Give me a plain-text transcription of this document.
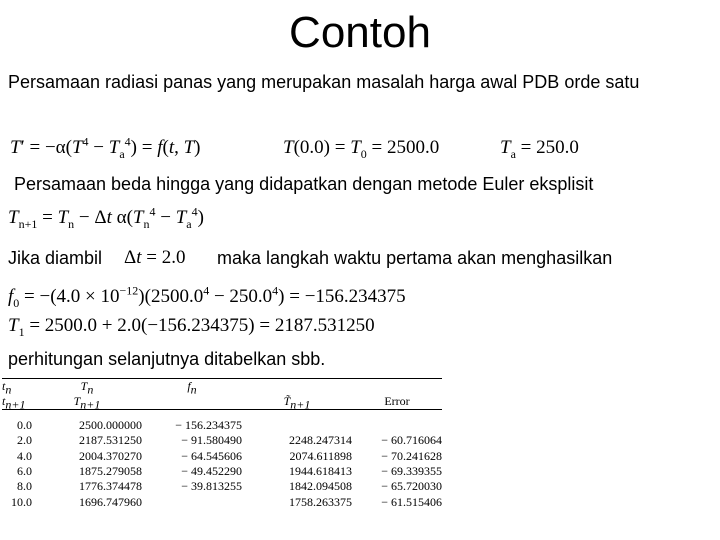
Contoh
Persamaan radiasi panas yang merupakan masalah harga awal PDB orde satu
$T' = -\alpha(T^4 - T_a^4) = f(t$, T)	$T(0.0) = T_0 = 2500.0$	$T_a = 250.0$
Persamaan beda hingga yang didapatkan dengan metode Euler eksplisit
$T_{n+1} = T_n - \Delta t$ $\alpha(T_n^4 - T_a^4)$
Jika diambil Δt = 2.0 maka langkah waktu pertama akan menghasilkan
$f_0 = -(4.0 \times 10^{-12})(2500.0^4 - 250.0^4) = -156.234375$
$T_1 = 2500.0 + 2.0(-156.234375) = 2187.531250$
perhitungan selanjutnya ditabelkan sbb.
$t_n$	$T_n$	$f_n$		
$t_{n+1}$	$T_{n+1}$		$T̃_{n+1}$	Error

0.0	2500.000000	− 156.234375		
2.0	2187.531250	− 91.580490	2248.247314	− 60.716064
4.0	2004.370270	− 64.545606	2074.611898	− 70.241628
6.0	1875.279058	− 49.452290	1944.618413	− 69.339355
8.0	1776.374478	− 39.813255	1842.094508	− 65.720030
10.0	1696.747960		1758.263375	− 61.515406
